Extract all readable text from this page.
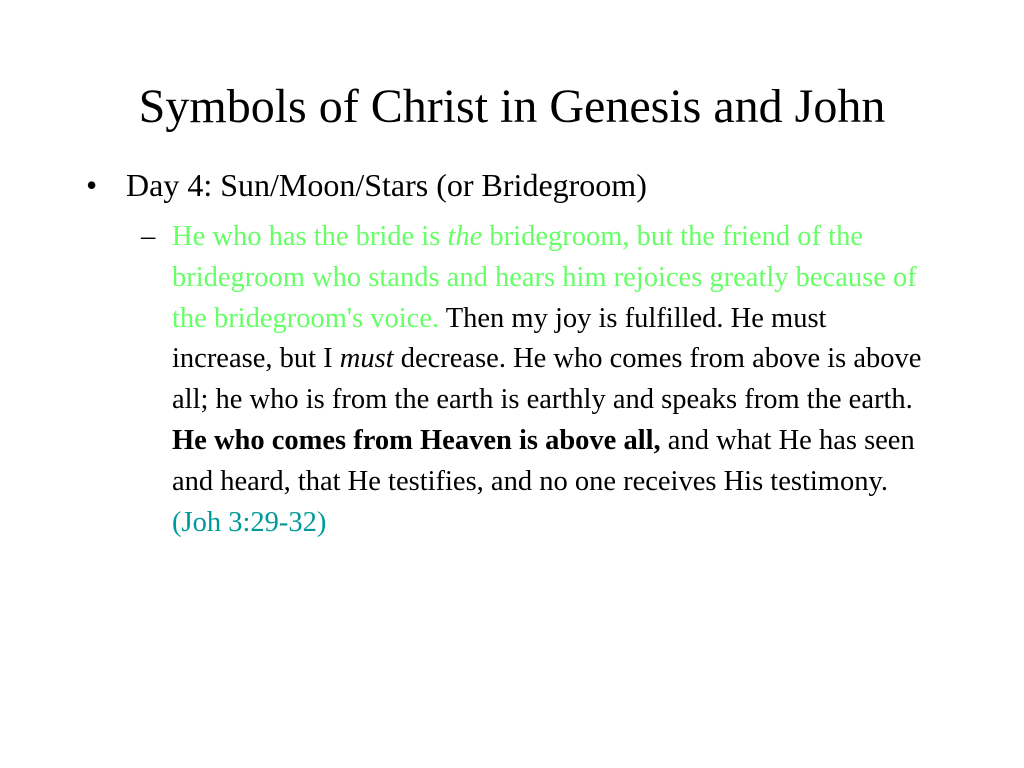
Symbols of Christ in Genesis and John
• Day 4: Sun/Moon/Stars (or Bridegroom)
– He who has the bride is the bridegroom, but the friend of the bridegroom who stands and hears him rejoices greatly because of the bridegroom's voice. Then my joy is fulfilled. He must increase, but I must decrease. He who comes from above is above all; he who is from the earth is earthly and speaks from the earth. He who comes from Heaven is above all, and what He has seen and heard, that He testifies, and no one receives His testimony. (Joh 3:29-32)
